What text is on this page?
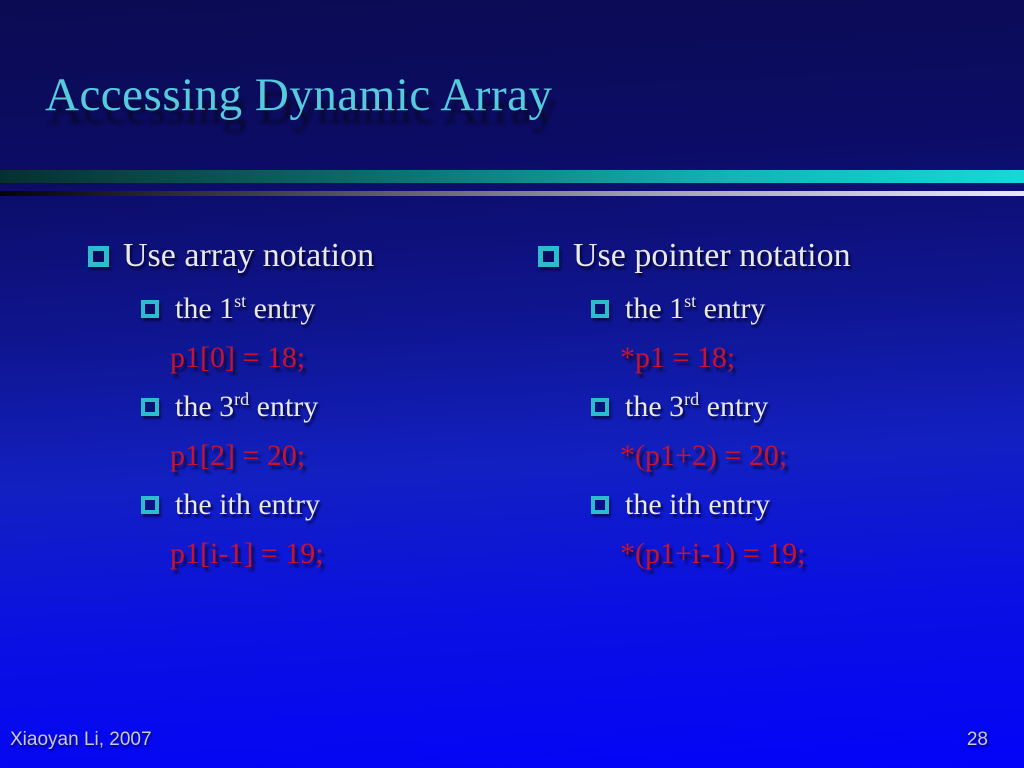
Accessing Dynamic Array
Use array notation
the 1st entry
p1[0] = 18;
the 3rd entry
p1[2] = 20;
the ith entry
p1[i-1] = 19;
Use pointer notation
the 1st entry
*p1 = 18;
the 3rd entry
*(p1+2) = 20;
the ith entry
*(p1+i-1) = 19;
Xiaoyan Li, 2007	28
